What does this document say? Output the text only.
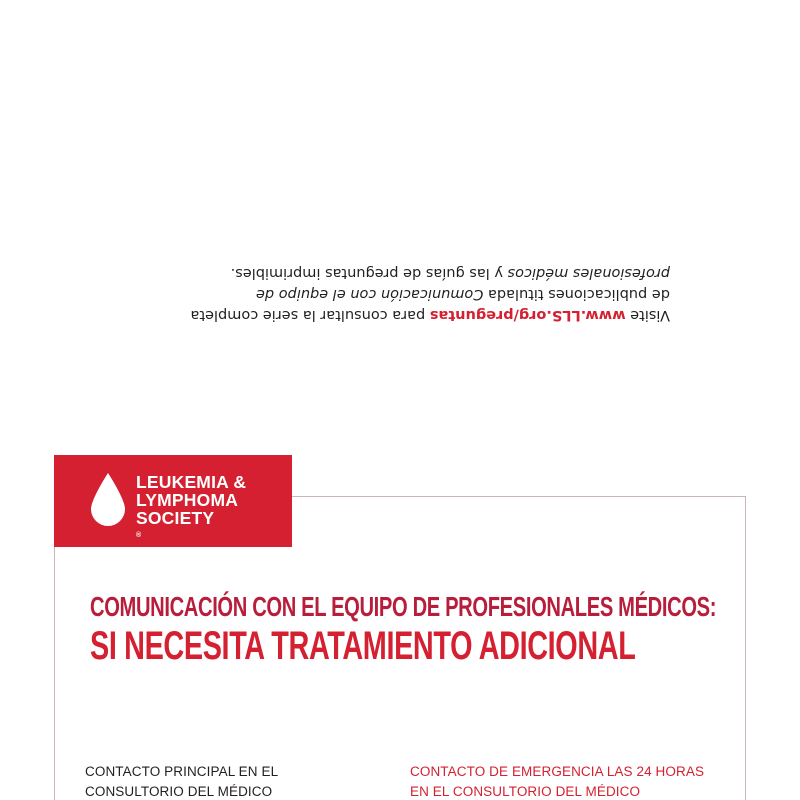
Visite www.LLS.org/preguntas para consultar la serie completa
de publicaciones titulada Comunicación con el equipo de
profesionales médicos y las guías de preguntas imprimibles.
LEUKEMIA &
LYMPHOMA
SOCIETY
®
COMUNICACIÓN CON EL EQUIPO DE PROFESIONALES MÉDICOS:
SI NECESITA TRATAMIENTO ADICIONAL
CONTACTO PRINCIPAL EN EL
CONSULTORIO DEL MÉDICO
CONTACTO DE EMERGENCIA LAS 24 HORAS
EN EL CONSULTORIO DEL MÉDICO
